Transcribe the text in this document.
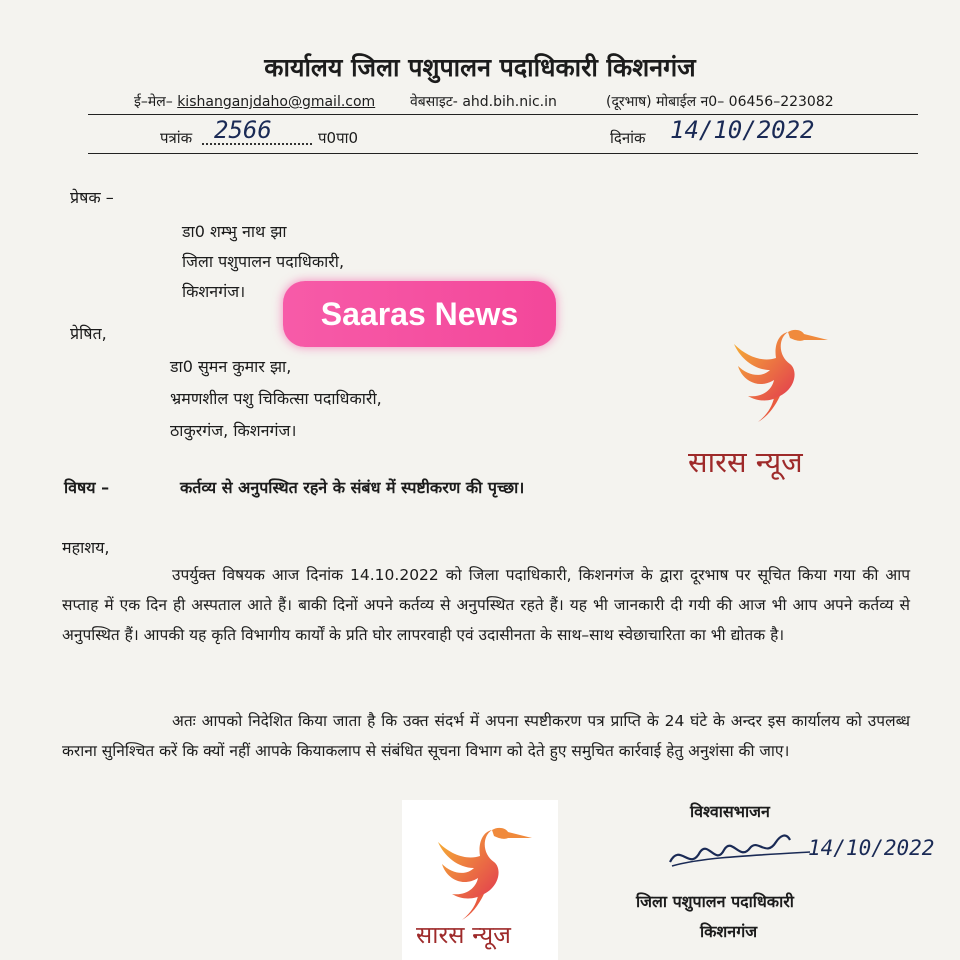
कार्यालय जिला पशुपालन पदाधिकारी किशनगंज
ई–मेल– kishanganjdaho@gmail.com वेबसाइट- ahd.bih.nic.in	(दूरभाष) मोबाईल न0– 06456–223082
पत्रांक 2566	प0पा0	दिनांक 14/10/2022
प्रेषक –
डा0 शम्भु नाथ झा
जिला पशुपालन पदाधिकारी,
किशनगंज।
Saaras News
प्रेषित,
डा0 सुमन कुमार झा,
भ्रमणशील पशु चिकित्सा पदाधिकारी,
ठाकुरगंज, किशनगंज।
सारस न्यूज
विषय –	कर्तव्य से अनुपस्थित रहने के संबंध में स्पष्टीकरण की पृच्छा।
महाशय,
उपर्युक्त विषयक आज दिनांक 14.10.2022 को जिला पदाधिकारी, किशनगंज के द्वारा दूरभाष पर सूचित किया गया की आप सप्ताह में एक दिन ही अस्पताल आते हैं। बाकी दिनों अपने कर्तव्य से अनुपस्थित रहते हैं। यह भी जानकारी दी गयी की आज भी आप अपने कर्तव्य से अनुपस्थित हैं। आपकी यह कृति विभागीय कार्यों के प्रति घोर लापरवाही एवं उदासीनता के साथ–साथ स्वेछाचारिता का भी द्योतक है।
अतः आपको निदेशित किया जाता है कि उक्त संदर्भ में अपना स्पष्टीकरण पत्र प्राप्ति के 24 घंटे के अन्दर इस कार्यालय को उपलब्ध कराना सुनिश्चित करें कि क्यों नहीं आपके कियाकलाप से संबंधित सूचना विभाग को देते हुए समुचित कार्रवाई हेतु अनुशंसा की जाए।
सारस न्यूज
विश्वासभाजन
14/10/2022
जिला पशुपालन पदाधिकारी
किशनगंज
